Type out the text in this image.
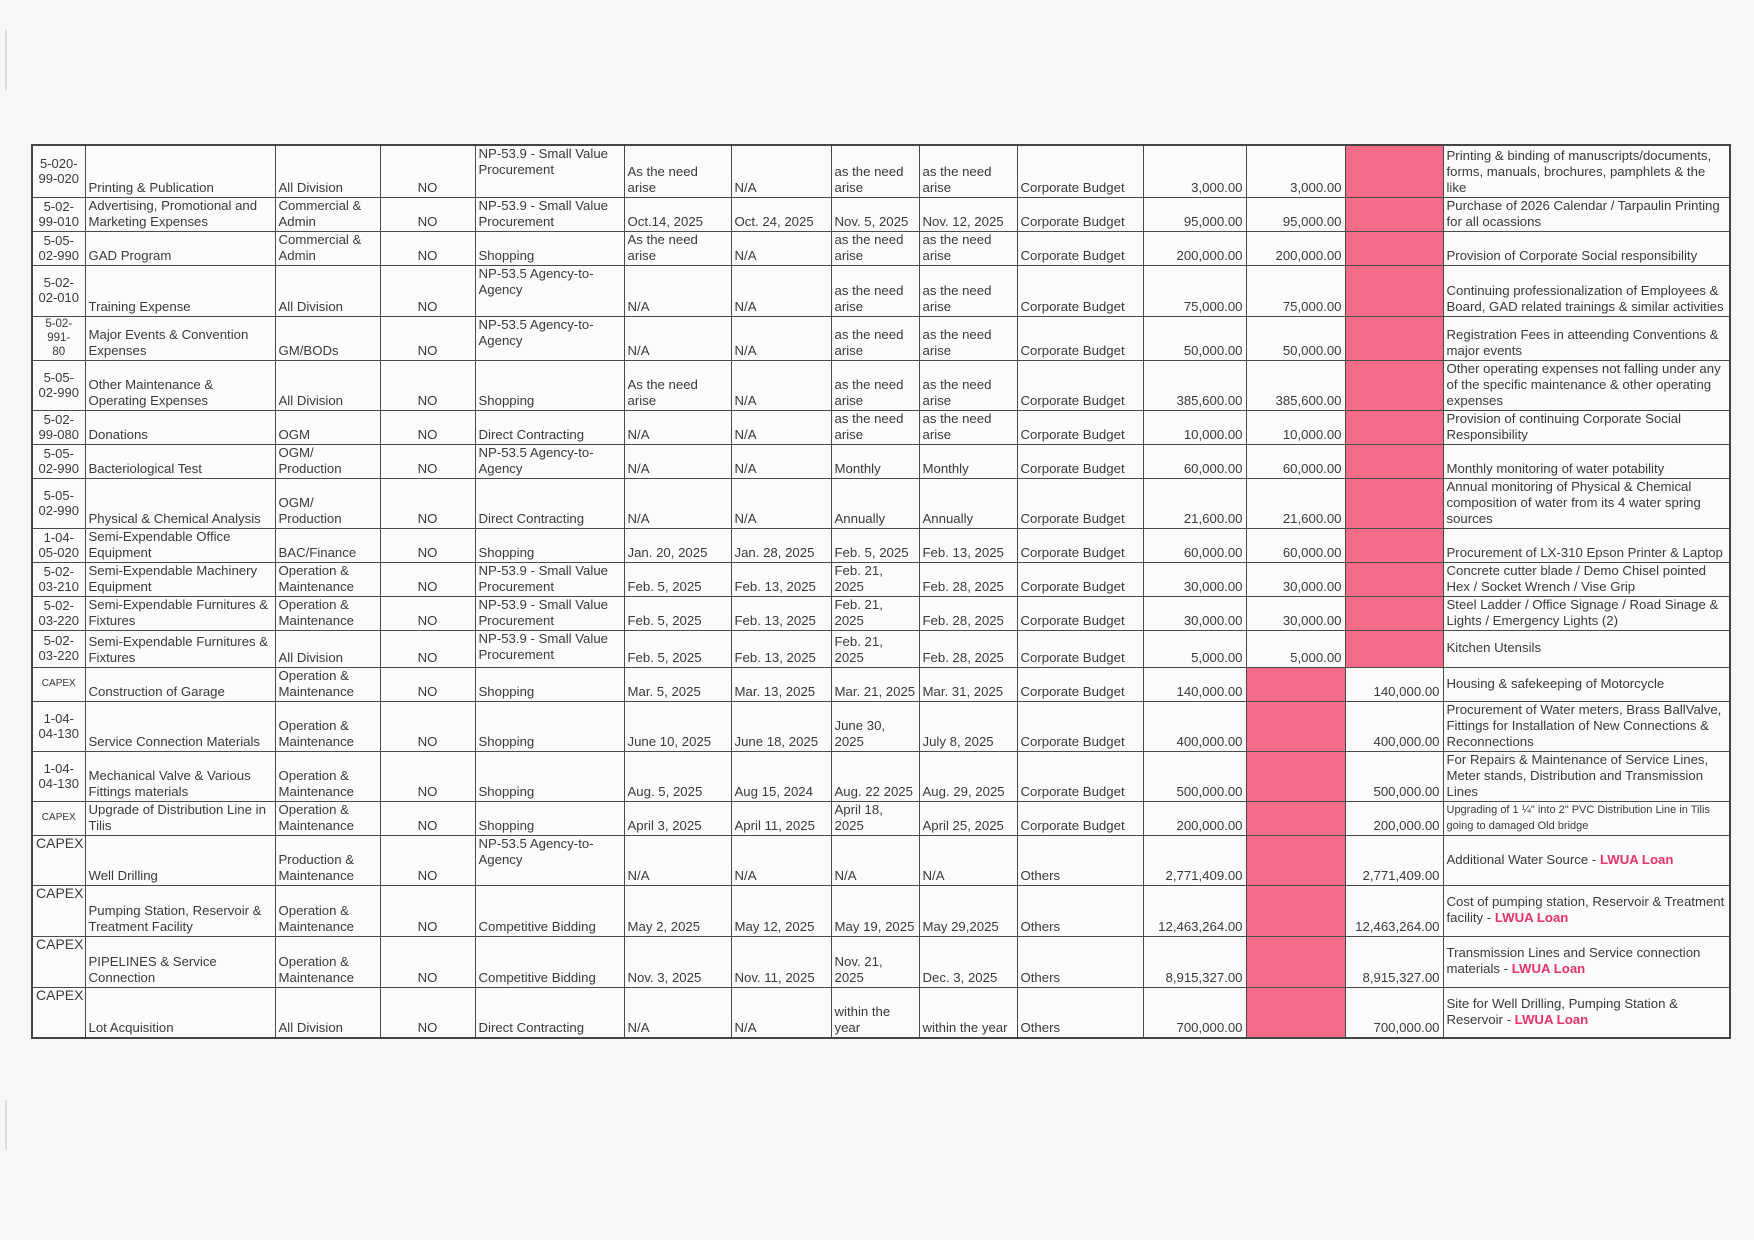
5-020-
99-020	Printing & Publication	All Division	NO	NP-53.9 - Small Value Procurement	As the need arise	N/A	as the need arise	as the need arise	Corporate Budget	3,000.00	3,000.00		Printing & binding of manuscripts/documents, forms, manuals, brochures, pamphlets & the like
5-02-
99-010	Advertising, Promotional and Marketing Expenses	Commercial & Admin	NO	NP-53.9 - Small Value Procurement	Oct.14, 2025	Oct. 24, 2025	Nov. 5, 2025	Nov. 12, 2025	Corporate Budget	95,000.00	95,000.00		Purchase of 2026 Calendar / Tarpaulin Printing for all ocassions
5-05-
02-990	GAD Program	Commercial & Admin	NO	Shopping	As the need arise	N/A	as the need arise	as the need arise	Corporate Budget	200,000.00	200,000.00		Provision of Corporate Social responsibility
5-02-
02-010	Training Expense	All Division	NO	NP-53.5 Agency-to-Agency	N/A	N/A	as the need arise	as the need arise	Corporate Budget	75,000.00	75,000.00		Continuing professionalization of Employees & Board, GAD related trainings & similar activities
5-02-991-
80	Major Events & Convention Expenses	GM/BODs	NO	NP-53.5 Agency-to-Agency	N/A	N/A	as the need arise	as the need arise	Corporate Budget	50,000.00	50,000.00		Registration Fees in atteending Conventions & major events
5-05-
02-990	Other Maintenance & Operating Expenses	All Division	NO	Shopping	As the need arise	N/A	as the need arise	as the need arise	Corporate Budget	385,600.00	385,600.00		Other operating expenses not falling under any of the specific maintenance & other operating expenses
5-02-
99-080	Donations	OGM	NO	Direct Contracting	N/A	N/A	as the need arise	as the need arise	Corporate Budget	10,000.00	10,000.00		Provision of continuing Corporate Social Responsibility
5-05-
02-990	Bacteriological Test	OGM/ Production	NO	NP-53.5 Agency-to-Agency	N/A	N/A	Monthly	Monthly	Corporate Budget	60,000.00	60,000.00		Monthly monitoring of water potability
5-05-
02-990	Physical & Chemical Analysis	OGM/ Production	NO	Direct Contracting	N/A	N/A	Annually	Annually	Corporate Budget	21,600.00	21,600.00		Annual monitoring of Physical & Chemical composition of water from its 4 water spring sources
1-04-
05-020	Semi-Expendable Office Equipment	BAC/Finance	NO	Shopping	Jan. 20, 2025	Jan. 28, 2025	Feb. 5, 2025	Feb. 13, 2025	Corporate Budget	60,000.00	60,000.00		Procurement of LX-310 Epson Printer & Laptop
5-02-
03-210	Semi-Expendable Machinery Equipment	Operation & Maintenance	NO	NP-53.9 - Small Value Procurement	Feb. 5, 2025	Feb. 13, 2025	Feb. 21, 2025	Feb. 28, 2025	Corporate Budget	30,000.00	30,000.00		Concrete cutter blade / Demo Chisel pointed Hex / Socket Wrench / Vise Grip
5-02-
03-220	Semi-Expendable Furnitures & Fixtures	Operation & Maintenance	NO	NP-53.9 - Small Value Procurement	Feb. 5, 2025	Feb. 13, 2025	Feb. 21, 2025	Feb. 28, 2025	Corporate Budget	30,000.00	30,000.00		Steel Ladder / Office Signage / Road Sinage & Lights / Emergency Lights (2)
5-02-
03-220	Semi-Expendable Furnitures & Fixtures	All Division	NO	NP-53.9 - Small Value Procurement	Feb. 5, 2025	Feb. 13, 2025	Feb. 21, 2025	Feb. 28, 2025	Corporate Budget	5,000.00	5,000.00		Kitchen Utensils
CAPEX	Construction of Garage	Operation & Maintenance	NO	Shopping	Mar. 5, 2025	Mar. 13, 2025	Mar. 21, 2025	Mar. 31, 2025	Corporate Budget	140,000.00		140,000.00	Housing & safekeeping of Motorcycle
1-04-
04-130	Service Connection Materials	Operation & Maintenance	NO	Shopping	June 10, 2025	June 18, 2025	June 30, 2025	July 8, 2025	Corporate Budget	400,000.00		400,000.00	Procurement of Water meters, Brass BallValve, Fittings for Installation of New Connections & Reconnections
1-04-
04-130	Mechanical Valve & Various Fittings materials	Operation & Maintenance	NO	Shopping	Aug. 5, 2025	Aug 15, 2024	Aug. 22 2025	Aug. 29, 2025	Corporate Budget	500,000.00		500,000.00	For Repairs & Maintenance of Service Lines, Meter stands, Distribution and Transmission Lines
CAPEX	Upgrade of Distribution Line in Tilis	Operation & Maintenance	NO	Shopping	April 3, 2025	April 11, 2025	April 18, 2025	April 25, 2025	Corporate Budget	200,000.00		200,000.00	Upgrading of 1 ¼" into 2" PVC Distribution Line in Tilis going to damaged Old bridge
CAPEX	Well Drilling	Production & Maintenance	NO	NP-53.5 Agency-to-Agency	N/A	N/A	N/A	N/A	Others	2,771,409.00		2,771,409.00	Additional Water Source - LWUA Loan
CAPEX	Pumping Station, Reservoir & Treatment Facility	Operation & Maintenance	NO	Competitive Bidding	May 2, 2025	May 12, 2025	May 19, 2025	May 29,2025	Others	12,463,264.00		12,463,264.00	Cost of pumping station, Reservoir & Treatment facility - LWUA Loan
CAPEX	PIPELINES & Service Connection	Operation & Maintenance	NO	Competitive Bidding	Nov. 3, 2025	Nov. 11, 2025	Nov. 21, 2025	Dec. 3, 2025	Others	8,915,327.00		8,915,327.00	Transmission Lines and Service connection materials - LWUA Loan
CAPEX	Lot Acquisition	All Division	NO	Direct Contracting	N/A	N/A	within the year	within the year	Others	700,000.00		700,000.00	Site for Well Drilling, Pumping Station & Reservoir - LWUA Loan
